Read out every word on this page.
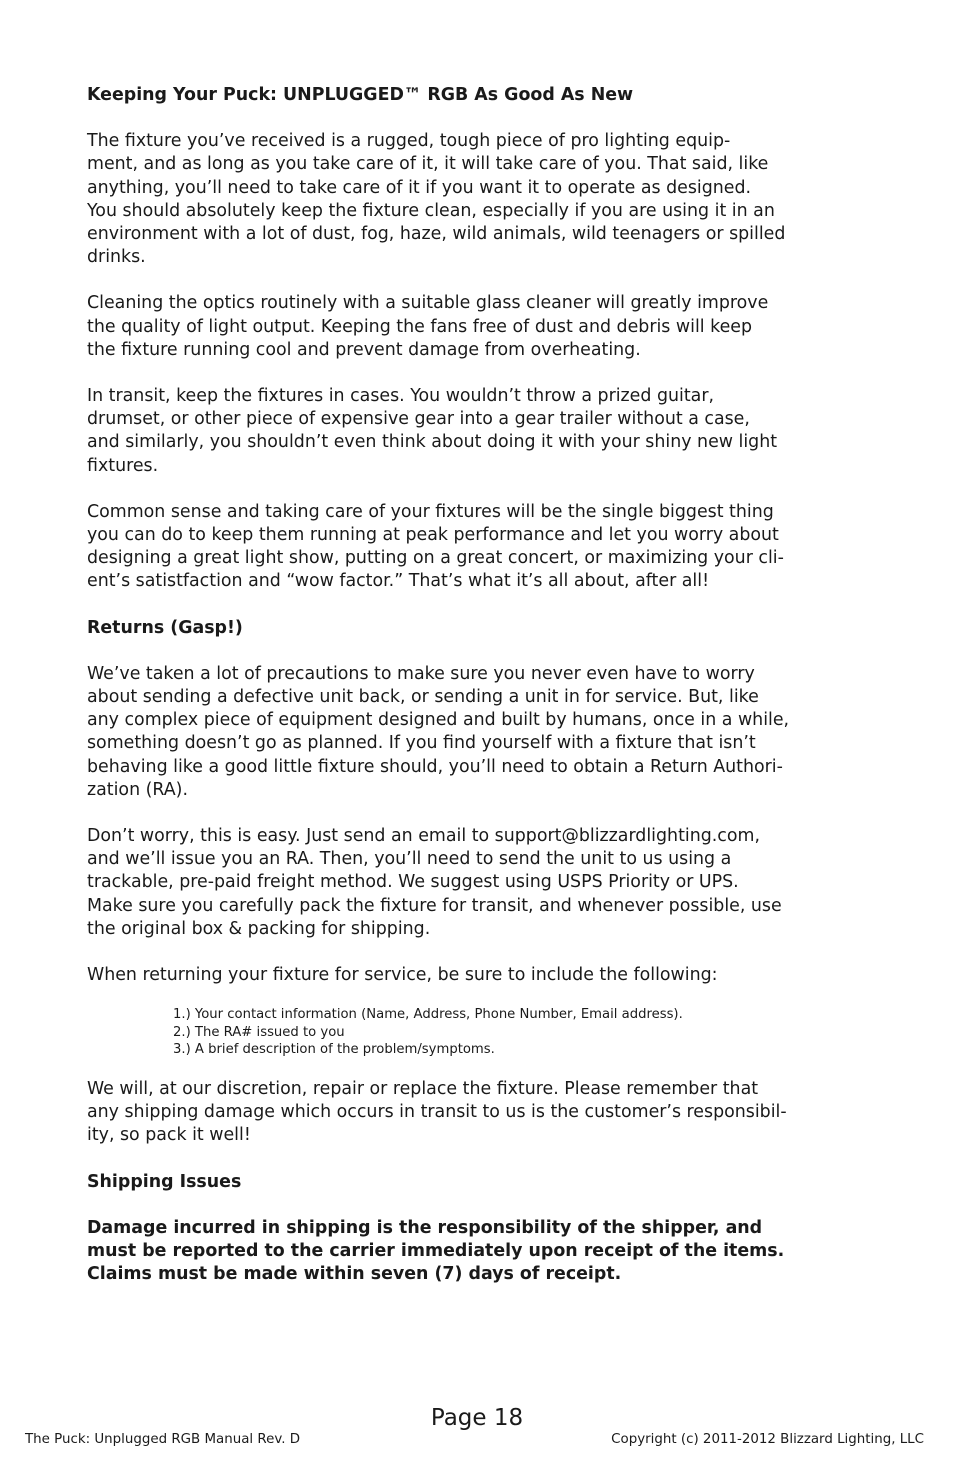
Keeping Your Puck: UNPLUGGED™ RGB As Good As New
The fixture you’ve received is a rugged, tough piece of pro lighting equip-
ment, and as long as you take care of it, it will take care of you. That said, like
anything, you’ll need to take care of it if you want it to operate as designed.
You should absolutely keep the fixture clean, especially if you are using it in an
environment with a lot of dust, fog, haze, wild animals, wild teenagers or spilled
drinks.
Cleaning the optics routinely with a suitable glass cleaner will greatly improve
the quality of light output. Keeping the fans free of dust and debris will keep
the fixture running cool and prevent damage from overheating.
In transit, keep the fixtures in cases. You wouldn’t throw a prized guitar,
drumset, or other piece of expensive gear into a gear trailer without a case,
and similarly, you shouldn’t even think about doing it with your shiny new light
fixtures.
Common sense and taking care of your fixtures will be the single biggest thing
you can do to keep them running at peak performance and let you worry about
designing a great light show, putting on a great concert, or maximizing your cli-
ent’s satistfaction and “wow factor.” That’s what it’s all about, after all!
Returns (Gasp!)
We’ve taken a lot of precautions to make sure you never even have to worry
about sending a defective unit back, or sending a unit in for service. But, like
any complex piece of equipment designed and built by humans, once in a while,
something doesn’t go as planned. If you find yourself with a fixture that isn’t
behaving like a good little fixture should, you’ll need to obtain a Return Authori-
zation (RA).
Don’t worry, this is easy. Just send an email to support@blizzardlighting.com,
and we’ll issue you an RA. Then, you’ll need to send the unit to us using a
trackable, pre-paid freight method. We suggest using USPS Priority or UPS.
Make sure you carefully pack the fixture for transit, and whenever possible, use
the original box & packing for shipping.
When returning your fixture for service, be sure to include the following:
1.) Your contact information (Name, Address, Phone Number, Email address).
2.) The RA# issued to you
3.) A brief description of the problem/symptoms.
We will, at our discretion, repair or replace the fixture. Please remember that
any shipping damage which occurs in transit to us is the customer’s responsibil-
ity, so pack it well!
Shipping Issues
Damage incurred in shipping is the responsibility of the shipper, and
must be reported to the carrier immediately upon receipt of the items.
Claims must be made within seven (7) days of receipt.
Page 18
The Puck: Unplugged RGB Manual Rev. D	Copyright (c) 2011-2012 Blizzard Lighting, LLC
